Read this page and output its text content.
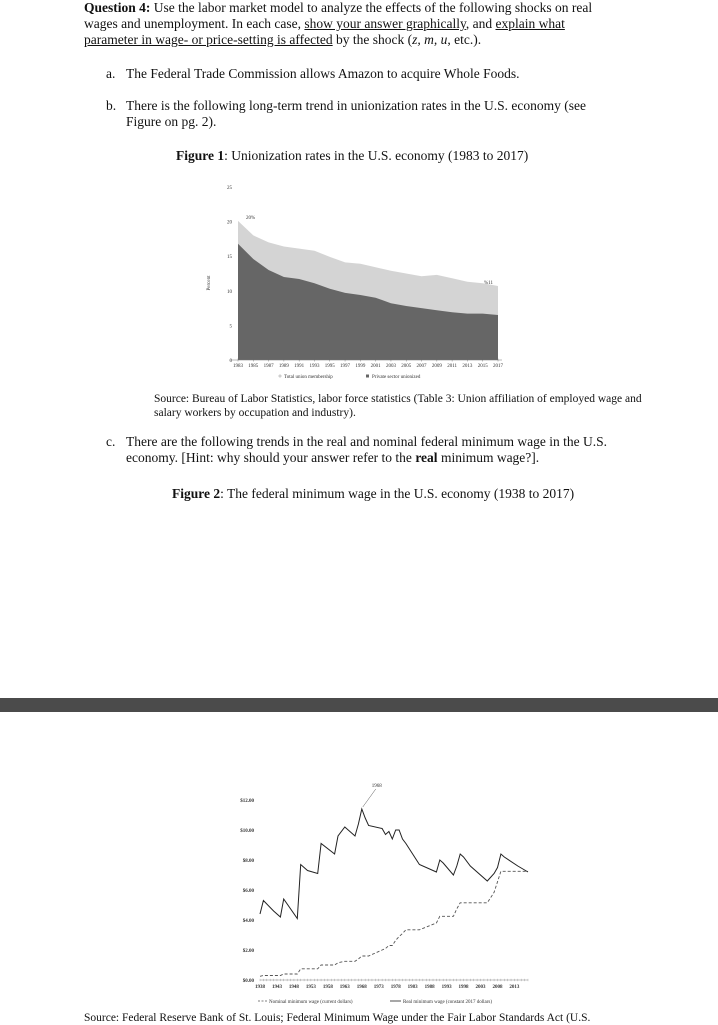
Question 4: Use the labor market model to analyze the effects of the following shocks on real
wages and unemployment. In each case, show your answer graphically, and explain what
parameter in wage- or price-setting is affected by the shock (z, m, u, etc.).
a. The Federal Trade Commission allows Amazon to acquire Whole Foods.
b. There is the following long-term trend in unionization rates in the U.S. economy (see
Figure on pg. 2).
Figure 1: Unionization rates in the U.S. economy (1983 to 2017)
Percent
0
5
10
15
20
25
1983 1985 1987 1989 1991 1993 1995 1997 1999 2001 2003 2005 2007 2009 2011 2013 2015 2017
20%
%11
Total union membership	Private sector unionized
Source: Bureau of Labor Statistics, labor force statistics (Table 3: Union affiliation of employed wage and
salary workers by occupation and industry).
c. There are the following trends in the real and nominal federal minimum wage in the U.S.
economy. [Hint: why should your answer refer to the real minimum wage?].
Figure 2: The federal minimum wage in the U.S. economy (1938 to 2017)
$0.00
$2.00
$4.00
$6.00
$8.00
$10.00
$12.00
1938 1943 1948 1953 1958 1963 1968 1973 1978 1983 1988 1993 1998 2003 2008 2013
1968
Nominal minimum wage (current dollars)	Real minimum wage (constant 2017 dollars)
Source: Federal Reserve Bank of St. Louis; Federal Minimum Wage under the Fair Labor Standards Act (U.S.
